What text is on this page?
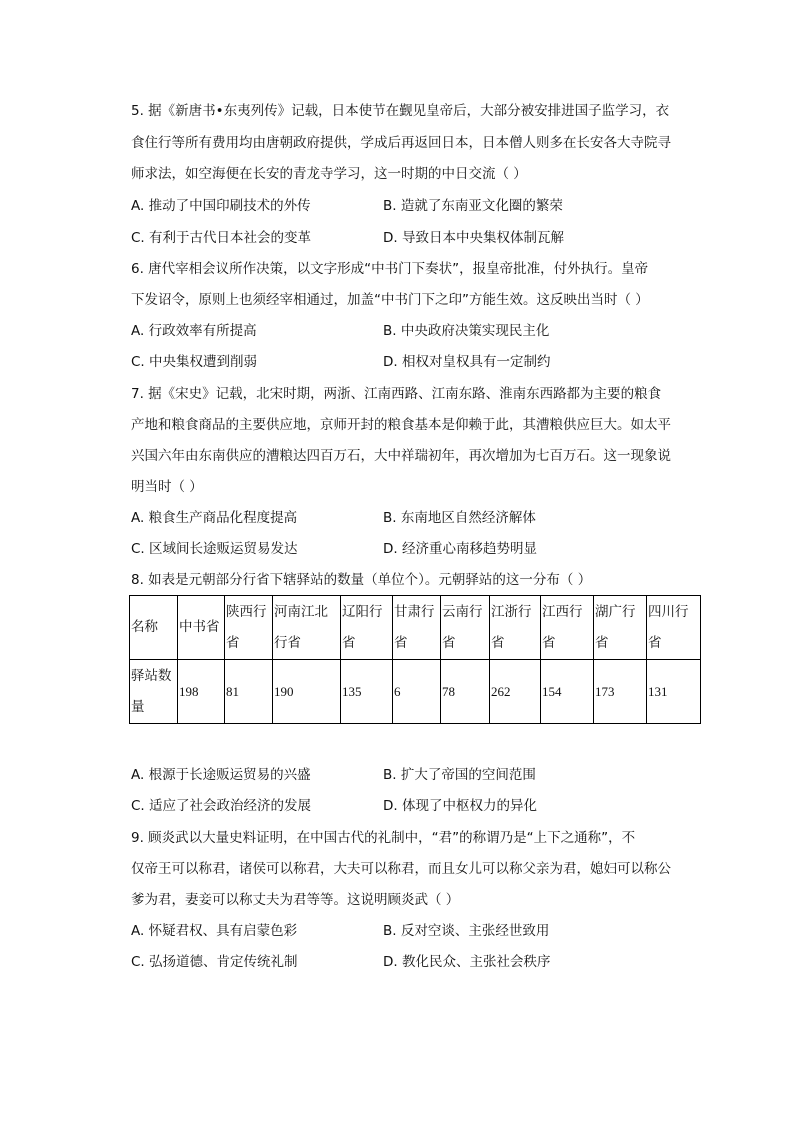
5. 据《新唐书•东夷列传》记载，日本使节在觐见皇帝后，大部分被安排进国子监学习，衣
食住行等所有费用均由唐朝政府提供，学成后再返回日本，日本僧人则多在长安各大寺院寻
师求法，如空海便在长安的青龙寺学习，这一时期的中日交流（ ）
A. 推动了中国印刷技术的外传	B. 造就了东南亚文化圈的繁荣
C. 有利于古代日本社会的变革	D. 导致日本中央集权体制瓦解
6. 唐代宰相会议所作决策，以文字形成“中书门下奏状”，报皇帝批准，付外执行。皇帝
下发诏令，原则上也须经宰相通过，加盖“中书门下之印”方能生效。这反映出当时（ ）
A. 行政效率有所提高	B. 中央政府决策实现民主化
C. 中央集权遭到削弱	D. 相权对皇权具有一定制约
7. 据《宋史》记载，北宋时期，两浙、江南西路、江南东路、淮南东西路都为主要的粮食
产地和粮食商品的主要供应地，京师开封的粮食基本是仰赖于此，其漕粮供应巨大。如太平
兴国六年由东南供应的漕粮达四百万石，大中祥瑞初年，再次增加为七百万石。这一现象说
明当时（ ）
A. 粮食生产商品化程度提高	B. 东南地区自然经济解体
C. 区域间长途贩运贸易发达	D. 经济重心南移趋势明显
8. 如表是元朝部分行省下辖驿站的数量（单位个）。元朝驿站的这一分布（ ）
名称	中书省	陕西行省	河南江北行省	辽阳行省	甘肃行省	云南行省	江浙行省	江西行省	湖广行省	四川行省
驿站数量	198	81	190	135	6	78	262	154	173	131
A. 根源于长途贩运贸易的兴盛	B. 扩大了帝国的空间范围
C. 适应了社会政治经济的发展	D. 体现了中枢权力的异化
9. 顾炎武以大量史料证明，在中国古代的礼制中，“君”的称谓乃是“上下之通称”，不
仅帝王可以称君，诸侯可以称君，大夫可以称君，而且女儿可以称父亲为君，媳妇可以称公
爹为君，妻妾可以称丈夫为君等等。这说明顾炎武（ ）
A. 怀疑君权、具有启蒙色彩	B. 反对空谈、主张经世致用
C. 弘扬道德、肯定传统礼制	D. 教化民众、主张社会秩序
